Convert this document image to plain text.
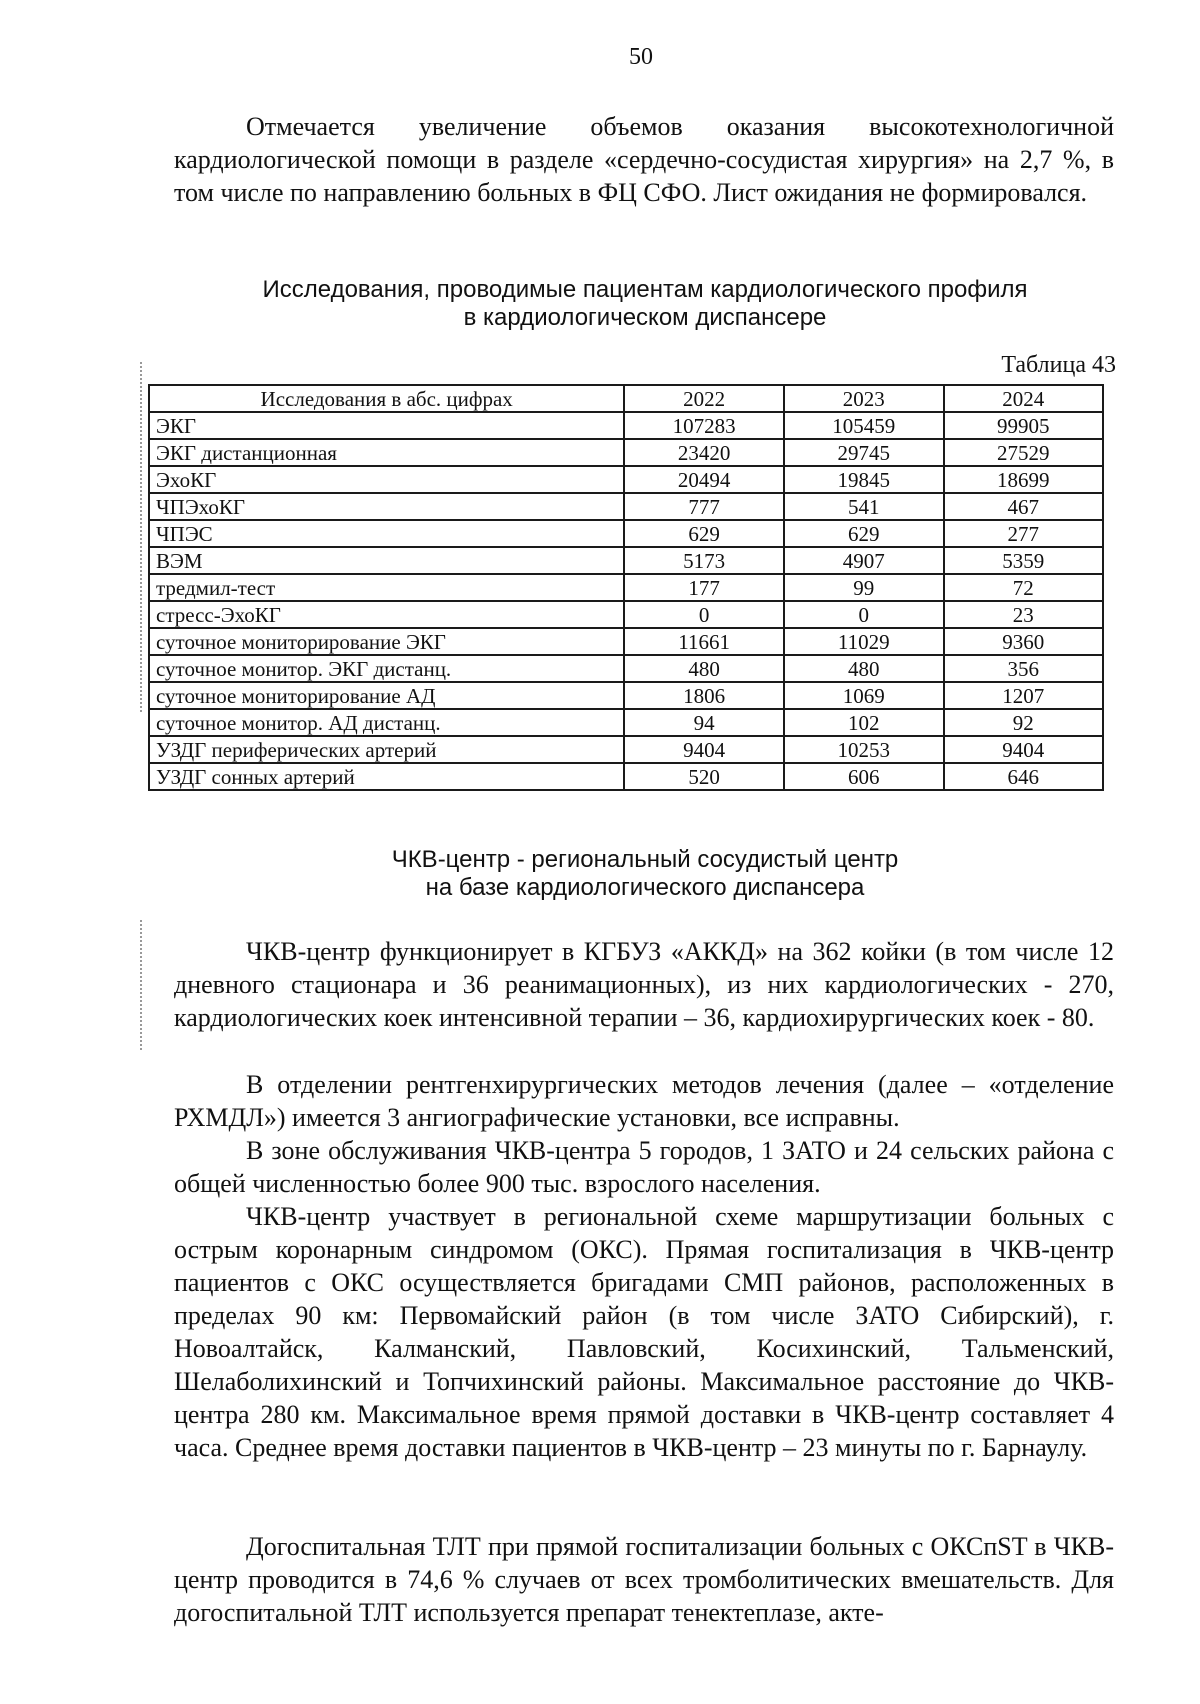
50

Отмечается увеличение объемов оказания высокотехнологичной кардиологической помощи в разделе «сердечно-сосудистая хирургия» на 2,7 %, в том числе по направлению больных в ФЦ СФО. Лист ожидания не формировался.

Исследования, проводимые пациентам кардиологического профиля
в кардиологическом диспансере
Таблица 43
Исследования в абс. цифрах	2022	2023	2024
ЭКГ	107283	105459	99905
ЭКГ дистанционная	23420	29745	27529
ЭхоКГ	20494	19845	18699
ЧПЭхоКГ	777	541	467
ЧПЭС	629	629	277
ВЭМ	5173	4907	5359
тредмил-тест	177	99	72
стресс-ЭхоКГ	0	0	23
суточное мониторирование ЭКГ	11661	11029	9360
суточное монитор. ЭКГ дистанц.	480	480	356
суточное мониторирование АД	1806	1069	1207
суточное монитор. АД дистанц.	94	102	92
УЗДГ периферических артерий	9404	10253	9404
УЗДГ сонных артерий	520	606	646
ЧКВ-центр - региональный сосудистый центр
на базе кардиологического диспансера

ЧКВ-центр функционирует в КГБУЗ «АККД» на 362 койки (в том числе 12 дневного стационара и 36 реанимационных), из них кардиологических - 270, кардиологических коек интенсивной терапии – 36, кардиохирургических коек - 80.

В отделении рентгенхирургических методов лечения (далее – «отделение РХМДЛ») имеется 3 ангиографические установки, все исправны.

В зоне обслуживания ЧКВ-центра 5 городов, 1 ЗАТО и 24 сельских района с общей численностью более 900 тыс. взрослого населения.

ЧКВ-центр участвует в региональной схеме маршрутизации больных с острым коронарным синдромом (ОКС). Прямая госпитализация в ЧКВ-центр пациентов с ОКС осуществляется бригадами СМП районов, расположенных в пределах 90 км: Первомайский район (в том числе ЗАТО Сибирский), г. Новоалтайск, Калманский, Павловский, Косихинский, Тальменский, Шелаболихинский и Топчихинский районы. Максимальное расстояние до ЧКВ-центра 280 км. Максимальное время прямой доставки в ЧКВ-центр составляет 4 часа. Среднее время доставки пациентов в ЧКВ-центр – 23 минуты по г. Барнаулу.

Догоспитальная ТЛТ при прямой госпитализации больных с ОКСпST в ЧКВ-центр проводится в 74,6 % случаев от всех тромболитических вмешательств. Для догоспитальной ТЛТ используется препарат тенектеплазе, акте-
